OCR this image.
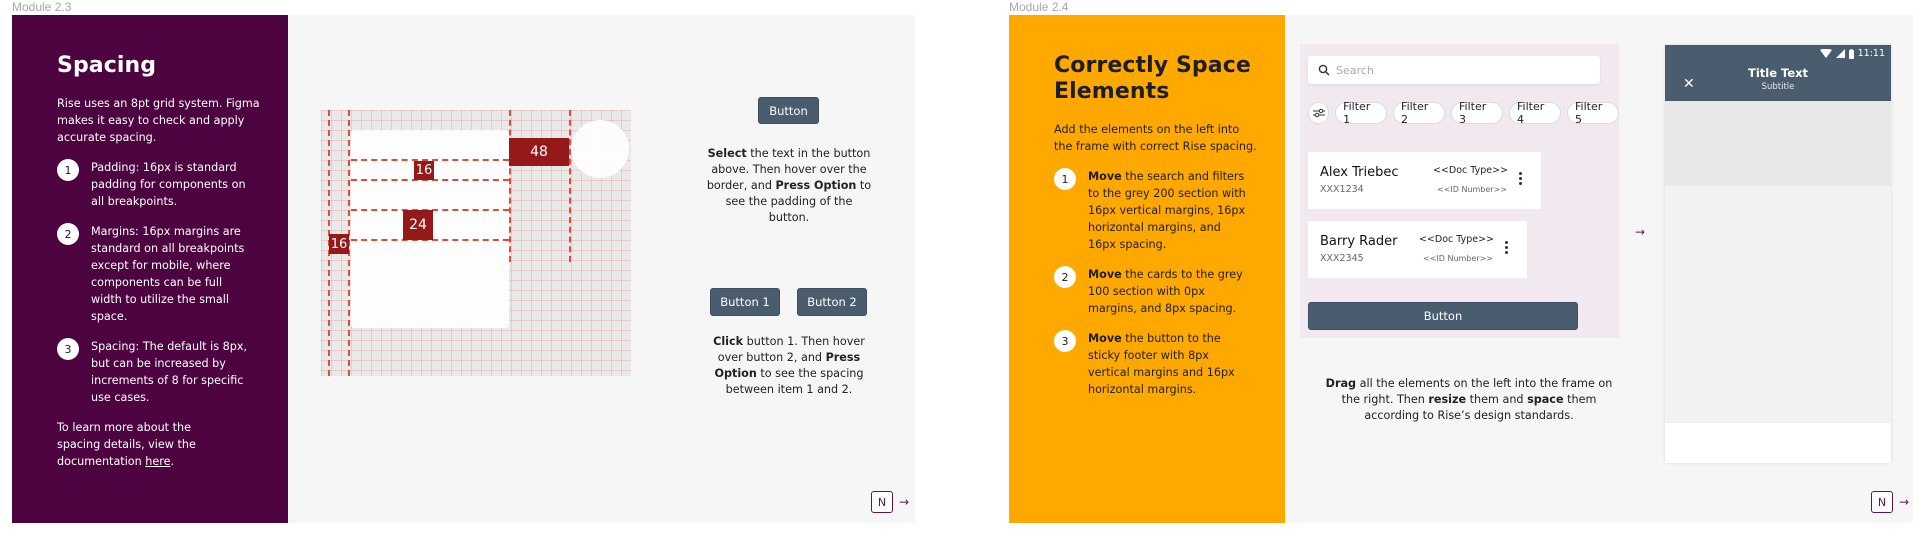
Module 2.3
Spacing

Rise uses an 8pt grid system. Figma makes it easy to check and apply accurate spacing.

1	Padding: 16px is standard padding for components on all breakpoints.
2	Margins: 16px margins are standard on all breakpoints except for mobile, where components can be full width to utilize the small space.
3	Spacing: The default is 8px, but can be increased by increments of 8 for specific use cases.

To learn more about the spacing details, view the documentation here.

48
16
24
16
Button
Select the text in the button above. Then hover over the border, and Press Option to see the padding of the button.
Button 1	Button 2
Click button 1. Then hover over button 2, and Press Option to see the spacing between item 1 and 2.
N	→
Module 2.4
Correctly Space Elements

Add the elements on the left into the frame with correct Rise spacing.

1	Move the search and filters to the grey 200 section with 16px vertical margins, 16px horizontal margins, and 16px spacing.
2	Move the cards to the grey 100 section with 0px margins, and 8px spacing.
3	Move the button to the sticky footer with 8px vertical margins and 16px horizontal margins.
Search
Filter 1
Filter 2
Filter 3
Filter 4
Filter 5
Alex Triebec
XXX1234
<<Doc Type>>
<<ID Number>>
Barry Rader
XXX2345
<<Doc Type>>
<<ID Number>>
Button
Drag all the elements on the left into the frame on the right. Then resize them and space them according to Rise’s design standards.
→
11:11
✕
Title Text
Subtitle
N	→
